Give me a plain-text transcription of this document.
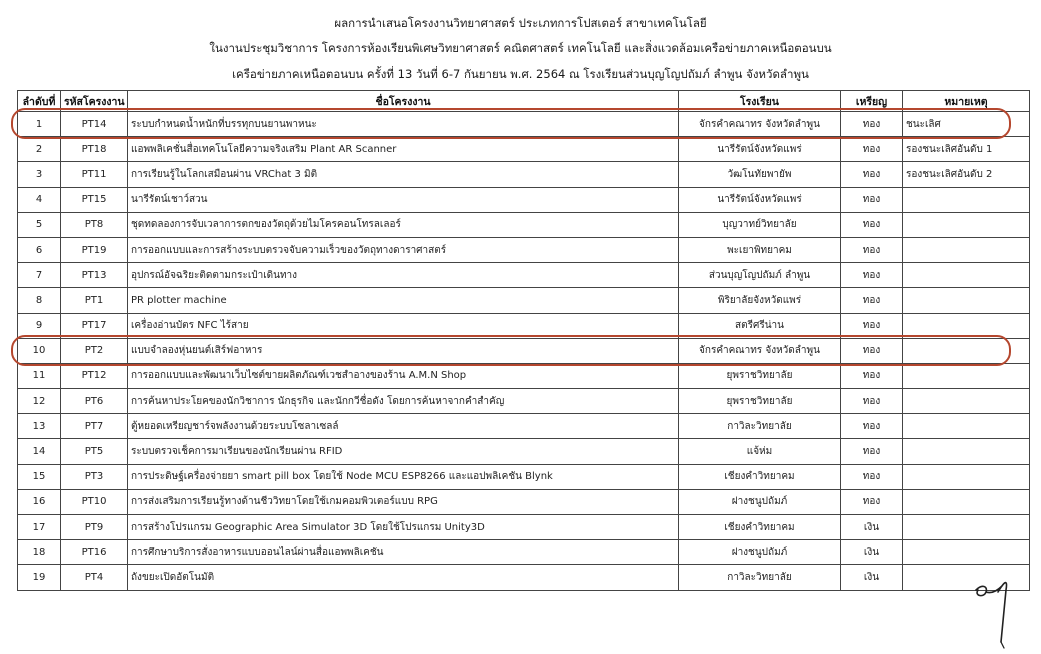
ผลการนำเสนอโครงงานวิทยาศาสตร์ ประเภทการโปสเตอร์ สาขาเทคโนโลยี
ในงานประชุมวิชาการ โครงการห้องเรียนพิเศษวิทยาศาสตร์ คณิตศาสตร์ เทคโนโลยี และสิ่งแวดล้อมเครือข่ายภาคเหนือตอนบน
เครือข่ายภาคเหนือตอนบน ครั้งที่ 13 วันที่ 6-7 กันยายน พ.ศ. 2564 ณ โรงเรียนส่วนบุญโญปถัมภ์ ลำพูน จังหวัดลำพูน
ลำดับที่	รหัสโครงงาน	ชื่อโครงงาน	โรงเรียน	เหรียญ	หมายเหตุ
1	PT14	ระบบกำหนดน้ำหนักที่บรรทุกบนยานพาหนะ	จักรคำคณาทร จังหวัดลำพูน	ทอง	ชนะเลิศ
2	PT18	แอพพลิเคชั่นสื่อเทคโนโลยีความจริงเสริม Plant AR Scanner	นารีรัตน์จังหวัดแพร่	ทอง	รองชนะเลิศอันดับ 1
3	PT11	การเรียนรู้ในโลกเสมือนผ่าน VRChat 3 มิติ	วัฒโนทัยพายัพ	ทอง	รองชนะเลิศอันดับ 2
4	PT15	นารีรัตน์เชาว์สวน	นารีรัตน์จังหวัดแพร่	ทอง	
5	PT8	ชุดทดลองการจับเวลาการตกของวัตถุด้วยไมโครคอนโทรลเลอร์	บุญวาทย์วิทยาลัย	ทอง	
6	PT19	การออกแบบและการสร้างระบบตรวจจับความเร็วของวัตถุทางดาราศาสตร์	พะเยาพิทยาคม	ทอง	
7	PT13	อุปกรณ์อัจฉริยะติดตามกระเป๋าเดินทาง	ส่วนบุญโญปถัมภ์ ลำพูน	ทอง	
8	PT1	PR plotter machine	พิริยาลัยจังหวัดแพร่	ทอง	
9	PT17	เครื่องอ่านบัตร NFC ไร้สาย	สตรีศรีน่าน	ทอง	
10	PT2	แบบจำลองหุ่นยนต์เสิร์ฟอาหาร	จักรคำคณาทร จังหวัดลำพูน	ทอง	
11	PT12	การออกแบบและพัฒนาเว็บไซต์ขายผลิตภัณฑ์เวชสำอางของร้าน A.M.N Shop	ยุพราชวิทยาลัย	ทอง	
12	PT6	การค้นหาประโยคของนักวิชาการ นักธุรกิจ และนักกวีชื่อดัง โดยการค้นหาจากคำสำคัญ	ยุพราชวิทยาลัย	ทอง	
13	PT7	ตู้หยอดเหรียญชาร์จพลังงานด้วยระบบโซลาเซลล์	กาวิละวิทยาลัย	ทอง	
14	PT5	ระบบตรวจเช็คการมาเรียนของนักเรียนผ่าน RFID	แจ้ห่ม	ทอง	
15	PT3	การประดิษฐ์เครื่องจ่ายยา smart pill box โดยใช้ Node MCU ESP8266 และแอปพลิเคชัน Blynk	เชียงคำวิทยาคม	ทอง	
16	PT10	การส่งเสริมการเรียนรู้ทางด้านชีววิทยาโดยใช้เกมคอมพิวเตอร์แบบ RPG	ฝางชนูปถัมภ์	ทอง	
17	PT9	การสร้างโปรแกรม Geographic Area Simulator 3D โดยใช้โปรแกรม Unity3D	เชียงคำวิทยาคม	เงิน	
18	PT16	การศึกษาบริการสั่งอาหารแบบออนไลน์ผ่านสื่อแอพพลิเคชัน	ฝางชนูปถัมภ์	เงิน	
19	PT4	ถังขยะเปิดอัตโนมัติ	กาวิละวิทยาลัย	เงิน	
